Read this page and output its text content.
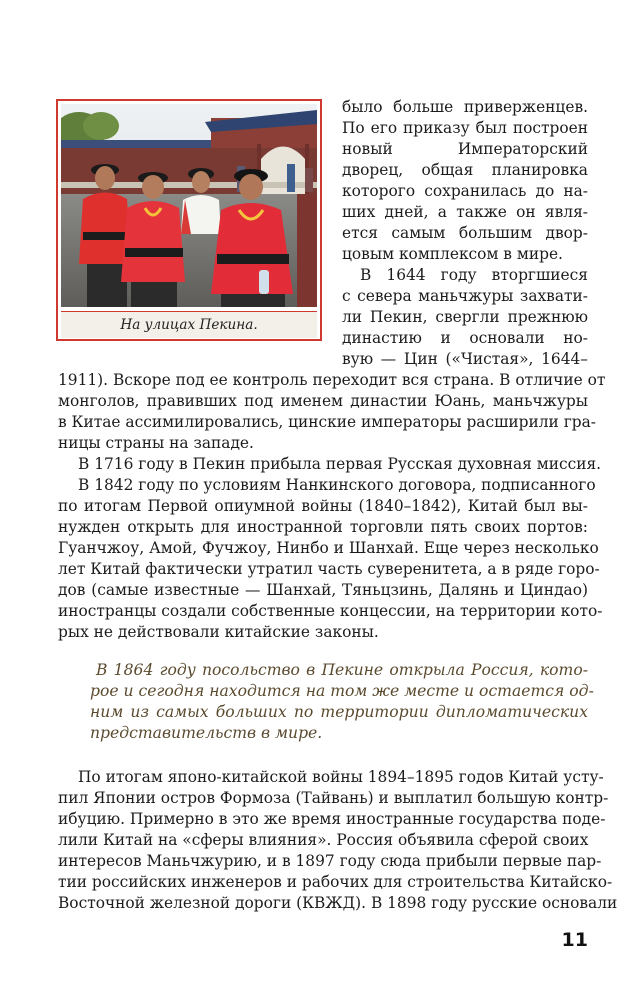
На улицах Пекина.
было больше приверженцев.
По его приказу был построен
новый Императорский
дворец, общая планировка
которого сохранилась до на-
ших дней, а также он явля-
ется самым большим двор-
цовым комплексом в мире.
В 1644 году вторгшиеся
с севера маньчжуры захвати-
ли Пекин, свергли прежнюю
династию и основали но-
вую — Цин («Чистая», 1644–
1911). Вскоре под ее контроль переходит вся страна. В отличие от
монголов, правивших под именем династии Юань, маньчжуры
в Китае ассимилировались, цинские императоры расширили гра-
ницы страны на западе.
В 1716 году в Пекин прибыла первая Русская духовная миссия.
В 1842 году по условиям Нанкинского договора, подписанного
по итогам Первой опиумной войны (1840–1842), Китай был вы-
нужден открыть для иностранной торговли пять своих портов:
Гуанчжоу, Амой, Фучжоу, Нинбо и Шанхай. Еще через несколько
лет Китай фактически утратил часть суверенитета, а в ряде горо-
дов (самые известные — Шанхай, Тяньцзинь, Далянь и Циндао)
иностранцы создали собственные концессии, на территории кото-
рых не действовали китайские законы.
В 1864 году посольство в Пекине открыла Россия, кото-
рое и сегодня находится на том же месте и остается од-
ним из самых больших по территории дипломатических
представительств в мире.
По итогам японо-китайской войны 1894–1895 годов Китай усту-
пил Японии остров Формоза (Тайвань) и выплатил большую контр-
ибуцию. Примерно в это же время иностранные государства поде-
лили Китай на «сферы влияния». Россия объявила сферой своих
интересов Маньчжурию, и в 1897 году сюда прибыли первые пар-
тии российских инженеров и рабочих для строительства Китайско-
Восточной железной дороги (КВЖД). В 1898 году русские основали
11
